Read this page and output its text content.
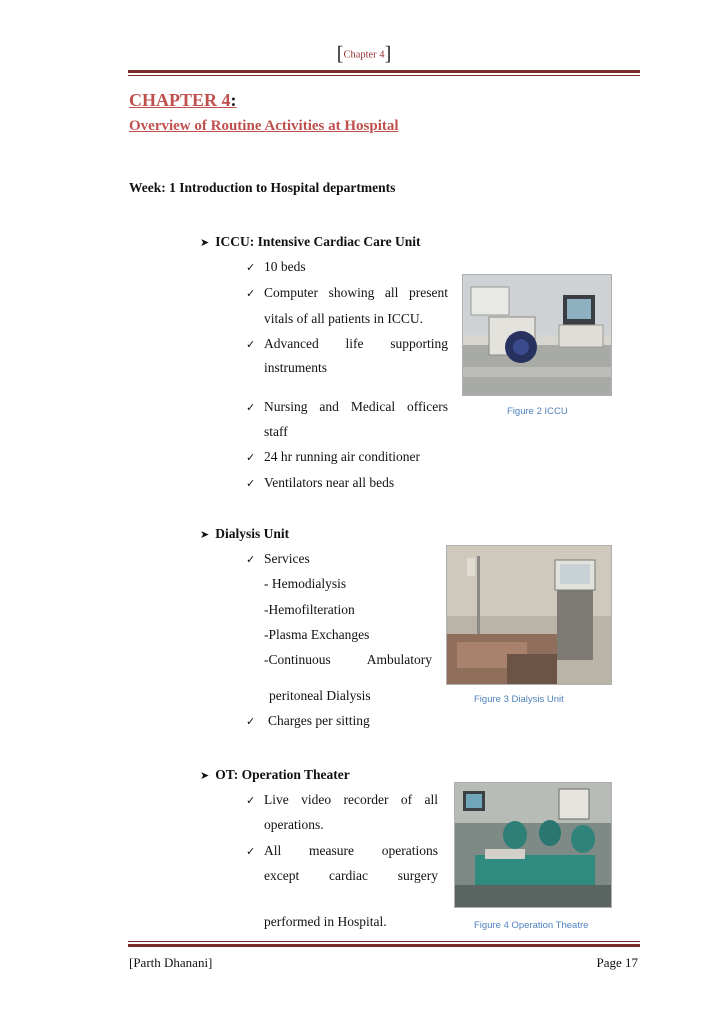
[Chapter 4]
CHAPTER 4:
Overview of Routine Activities at Hospital
Week: 1 Introduction to Hospital departments
➤ ICCU: Intensive Cardiac Care Unit
✓ 10 beds
✓ Computer showing all present
vitals of all patients in ICCU.
✓ Advanced life supporting
instruments
✓ Nursing and Medical officers
staff
✓ 24 hr running air conditioner
✓ Ventilators near all beds
Figure 2 ICCU
➤ Dialysis Unit
✓ Services
- Hemodialysis
-Hemofilteration
-Plasma Exchanges
-Continuous Ambulatory
peritoneal Dialysis
✓ Charges per sitting
Figure 3 Dialysis Unit
➤ OT: Operation Theater
✓ Live video recorder of all
operations.
✓ All measure operations
except cardiac surgery
performed in Hospital.	Figure 4 Operation Theatre
[Parth Dhanani]	Page 17
